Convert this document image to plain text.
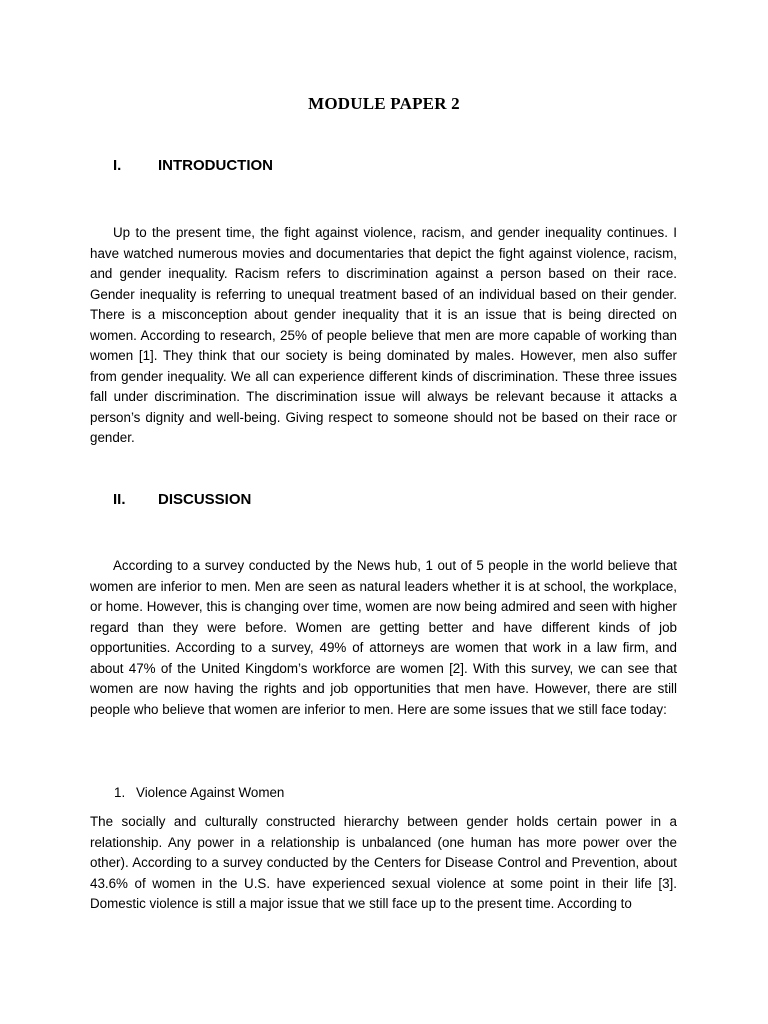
MODULE PAPER 2
I. INTRODUCTION

Up to the present time, the fight against violence, racism, and gender inequality continues. I have watched numerous movies and documentaries that depict the fight against violence, racism, and gender inequality. Racism refers to discrimination against a person based on their race. Gender inequality is referring to unequal treatment based of an individual based on their gender. There is a misconception about gender inequality that it is an issue that is being directed on women. According to research, 25% of people believe that men are more capable of working than women [1]. They think that our society is being dominated by males. However, men also suffer from gender inequality. We all can experience different kinds of discrimination. These three issues fall under discrimination. The discrimination issue will always be relevant because it attacks a person’s dignity and well-being. Giving respect to someone should not be based on their race or gender.

II. DISCUSSION

According to a survey conducted by the News hub, 1 out of 5 people in the world believe that women are inferior to men. Men are seen as natural leaders whether it is at school, the workplace, or home. However, this is changing over time, women are now being admired and seen with higher regard than they were before. Women are getting better and have different kinds of job opportunities. According to a survey, 49% of attorneys are women that work in a law firm, and about 47% of the United Kingdom’s workforce are women [2]. With this survey, we can see that women are now having the rights and job opportunities that men have. However, there are still people who believe that women are inferior to men. Here are some issues that we still face today:

1. Violence Against Women

The socially and culturally constructed hierarchy between gender holds certain power in a relationship. Any power in a relationship is unbalanced (one human has more power over the other). According to a survey conducted by the Centers for Disease Control and Prevention, about 43.6% of women in the U.S. have experienced sexual violence at some point in their life [3]. Domestic violence is still a major issue that we still face up to the present time. According to
